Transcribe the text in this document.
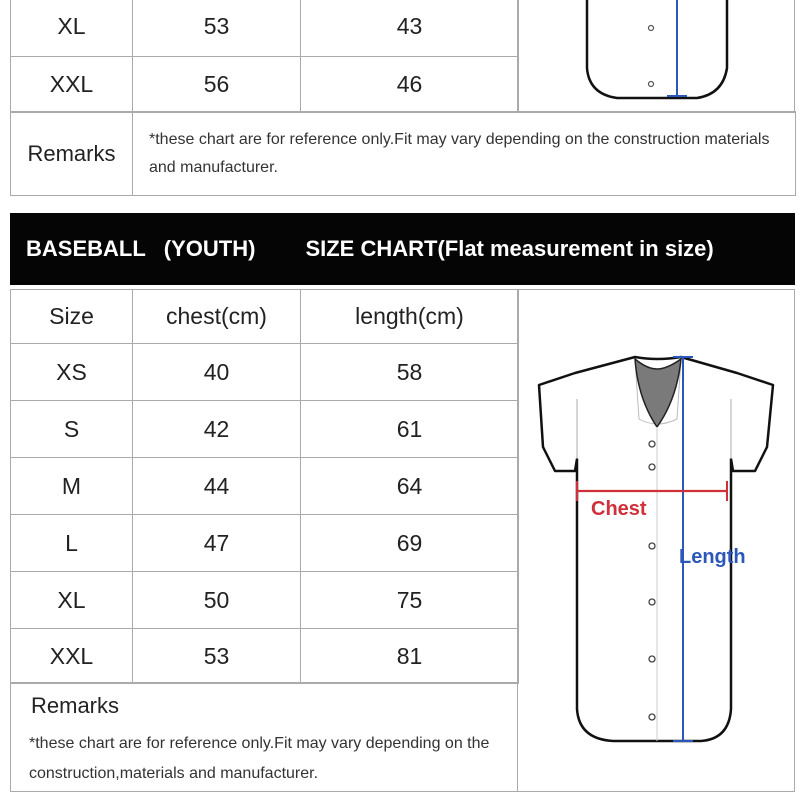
XL	53	43
XXL	56	46
Remarks	*these chart are for reference only.Fit may vary depending on the construction materials and manufacturer.
BASEBALL (YOUTH) SIZE CHART(Flat measurement in size)
Size	chest(cm)	length(cm)
XS	40	58
S	42	61
M	44	64
L	47	69
XL	50	75
XXL	53	81
Remarks
*these chart are for reference only.Fit may vary depending on the construction,materials and manufacturer.
Chest
Length
